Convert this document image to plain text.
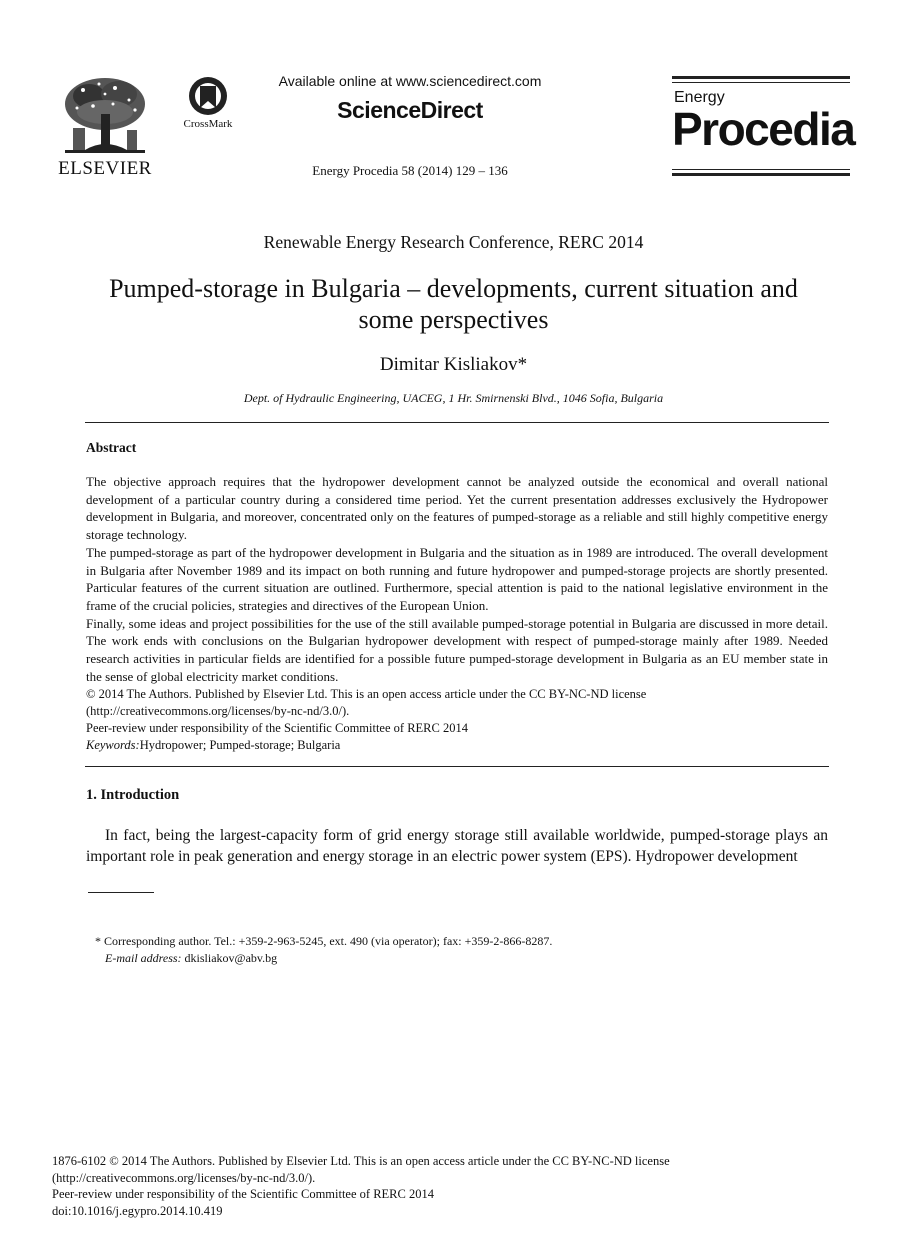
ELSEVIER
CrossMark
Available online at www.sciencedirect.com
ScienceDirect
Energy Procedia 58 (2014) 129 – 136
Energy
Procedia
Renewable Energy Research Conference, RERC 2014
Pumped-storage in Bulgaria – developments, current situation and
some perspectives
Dimitar Kisliakov*
Dept. of Hydraulic Engineering, UACEG, 1 Hr. Smirnenski Blvd., 1046 Sofia, Bulgaria
Abstract

The objective approach requires that the hydropower development cannot be analyzed outside the economical and overall national development of a particular country during a considered time period. Yet the current presentation addresses exclusively the Hydropower development in Bulgaria, and moreover, concentrated only on the features of pumped-storage as a reliable and still highly competitive energy storage technology.

The pumped-storage as part of the hydropower development in Bulgaria and the situation as in 1989 are introduced. The overall development in Bulgaria after November 1989 and its impact on both running and future hydropower and pumped-storage projects are shortly presented. Particular features of the current situation are outlined. Furthermore, special attention is paid to the national legislative environment in the frame of the crucial policies, strategies and directives of the European Union.

Finally, some ideas and project possibilities for the use of the still available pumped-storage potential in Bulgaria are discussed in more detail. The work ends with conclusions on the Bulgarian hydropower development with respect of pumped-storage mainly after 1989. Needed research activities in particular fields are identified for a possible future pumped-storage development in Bulgaria as an EU member state in the sense of global electricity market conditions.

© 2014 The Authors. Published by Elsevier Ltd. This is an open access article under the CC BY-NC-ND license
(http://creativecommons.org/licenses/by-nc-nd/3.0/).
Peer-review under responsibility of the Scientific Committee of RERC 2014
Keywords:Hydropower; Pumped-storage; Bulgaria
1. Introduction
In fact, being the largest-capacity form of grid energy storage still available worldwide, pumped-storage plays an important role in peak generation and energy storage in an electric power system (EPS). Hydropower development
* Corresponding author. Tel.: +359-2-963-5245, ext. 490 (via operator); fax: +359-2-866-8287.
E-mail address: dkisliakov@abv.bg
1876-6102 © 2014 The Authors. Published by Elsevier Ltd. This is an open access article under the CC BY-NC-ND license
(http://creativecommons.org/licenses/by-nc-nd/3.0/).
Peer-review under responsibility of the Scientific Committee of RERC 2014
doi:10.1016/j.egypro.2014.10.419
